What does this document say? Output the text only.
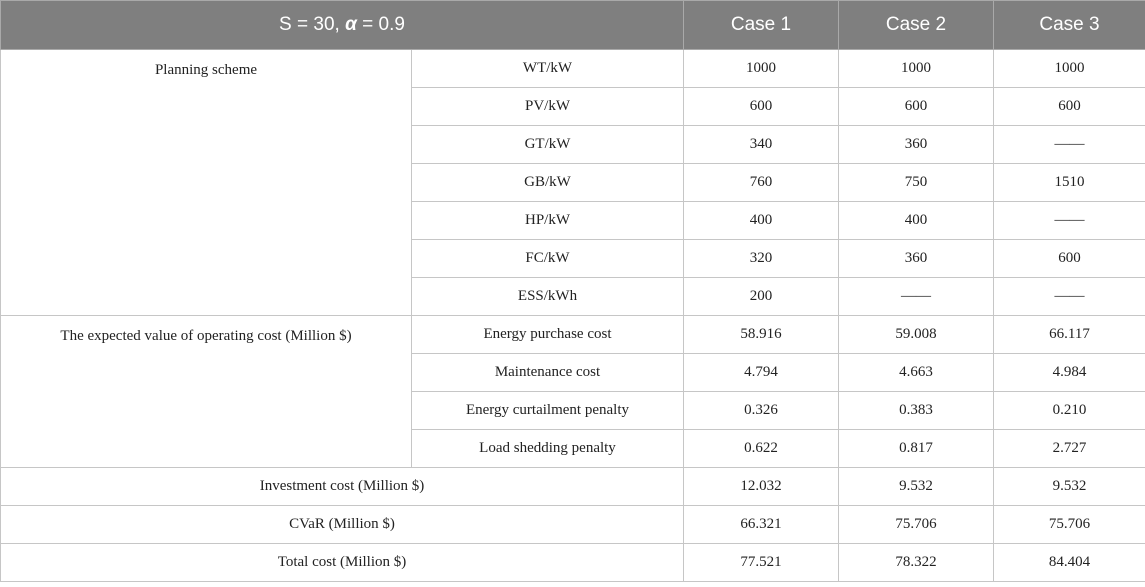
S = 30, α = 0.9		Case 1	Case 2	Case 3
Planning scheme	WT/kW	1000	1000	1000
	PV/kW	600	600	600
	GT/kW	340	360	——
	GB/kW	760	750	1510
	HP/kW	400	400	——
	FC/kW	320	360	600
	ESS/kWh	200	——	——
The expected value of operating cost (Million $)	Energy purchase cost	58.916	59.008	66.117
	Maintenance cost	4.794	4.663	4.984
	Energy curtailment penalty	0.326	0.383	0.210
	Load shedding penalty	0.622	0.817	2.727
Investment cost (Million $)		12.032	9.532	9.532
CVaR (Million $)		66.321	75.706	75.706
Total cost (Million $)		77.521	78.322	84.404
